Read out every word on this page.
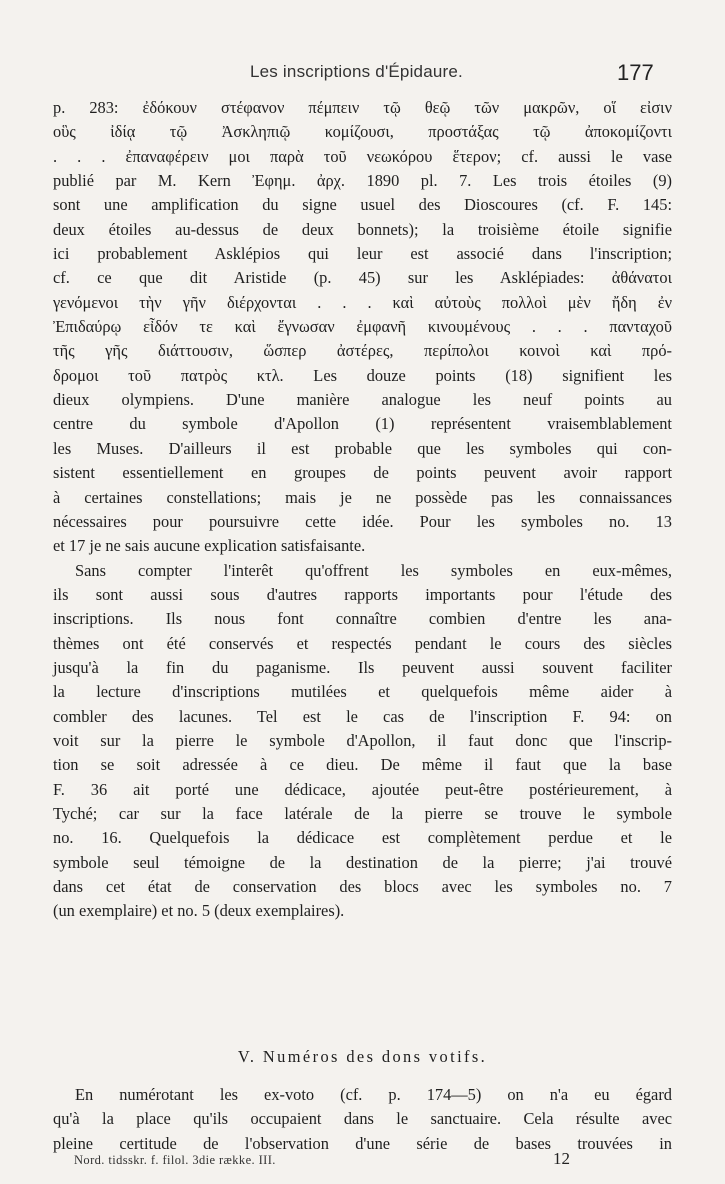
Les inscriptions d'Épidaure.	177
p. 283: ἐδόκουν στέφανον πέμπειν τῷ θεῷ τῶν μακρῶν, οἵ εἰσιν
οὓς ἰδίᾳ τῷ Ἀσκληπιῷ κομίζουσι, προστάξας τῷ ἀποκομίζοντι
. . . ἐπαναφέρειν μοι παρὰ τοῦ νεωκόρου ἕτερον; cf. aussi le vase
publié par M. Kern Ἐφημ. ἀρχ. 1890 pl. 7. Les trois étoiles (9)
sont une amplification du signe usuel des Dioscoures (cf. F. 145:
deux étoiles au-dessus de deux bonnets); la troisième étoile signifie
ici probablement Asklépios qui leur est associé dans l'inscription;
cf. ce que dit Aristide (p. 45) sur les Asklépiades: ἀθάνατοι
γενόμενοι τὴν γῆν διέρχονται . . . καὶ αὐτοὺς πολλοὶ μὲν ἤδη ἐν
Ἐπιδαύρῳ εἶδόν τε καὶ ἔγνωσαν ἐμφανῆ κινουμένους . . . πανταχοῦ
τῆς γῆς διάττουσιν, ὥσπερ ἀστέρες, περίπολοι κοινοὶ καὶ πρό-
δρομοι τοῦ πατρὸς κτλ. Les douze points (18) signifient les
dieux olympiens. D'une manière analogue les neuf points au
centre du symbole d'Apollon (1) représentent vraisemblablement
les Muses. D'ailleurs il est probable que les symboles qui con-
sistent essentiellement en groupes de points peuvent avoir rapport
à certaines constellations; mais je ne possède pas les connaissances
nécessaires pour poursuivre cette idée. Pour les symboles no. 13
et 17 je ne sais aucune explication satisfaisante.
Sans compter l'interêt qu'offrent les symboles en eux-mêmes,
ils sont aussi sous d'autres rapports importants pour l'étude des
inscriptions. Ils nous font connaître combien d'entre les ana-
thèmes ont été conservés et respectés pendant le cours des siècles
jusqu'à la fin du paganisme. Ils peuvent aussi souvent faciliter
la lecture d'inscriptions mutilées et quelquefois même aider à
combler des lacunes. Tel est le cas de l'inscription F. 94: on
voit sur la pierre le symbole d'Apollon, il faut donc que l'inscrip-
tion se soit adressée à ce dieu. De même il faut que la base
F. 36 ait porté une dédicace, ajoutée peut-être postérieurement, à
Tyché; car sur la face latérale de la pierre se trouve le symbole
no. 16. Quelquefois la dédicace est complètement perdue et le
symbole seul témoigne de la destination de la pierre; j'ai trouvé
dans cet état de conservation des blocs avec les symboles no. 7
(un exemplaire) et no. 5 (deux exemplaires).
V. Numéros des dons votifs.
En numérotant les ex-voto (cf. p. 174—5) on n'a eu égard
qu'à la place qu'ils occupaient dans le sanctuaire. Cela résulte avec
pleine certitude de l'observation d'une série de bases trouvées in
Nord. tidsskr. f. filol. 3die række. III.	12
